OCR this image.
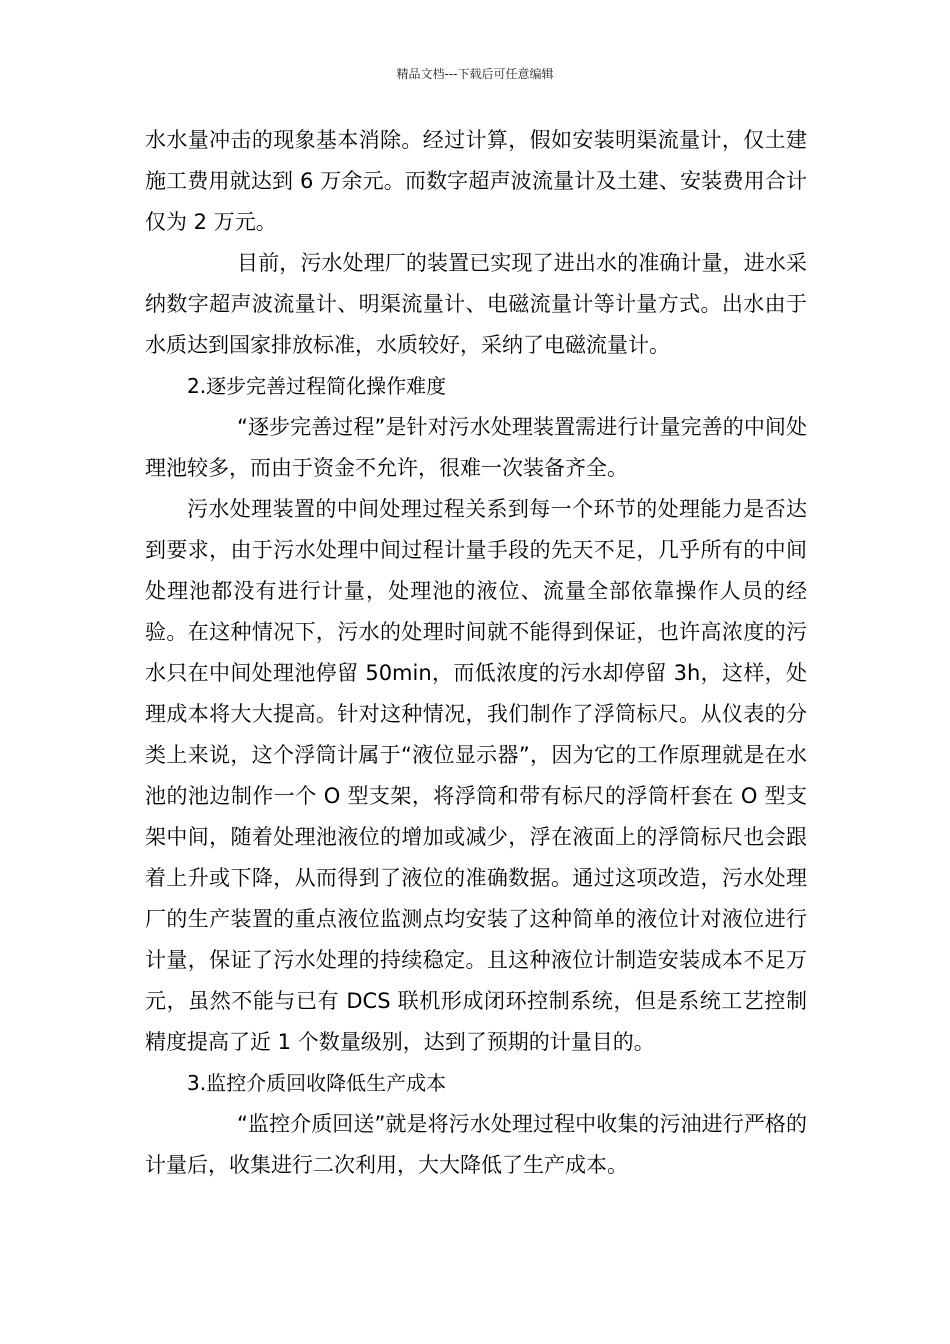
精品文档---下载后可任意编辑

水水量冲击的现象基本消除。经过计算，假如安装明渠流量计，仅土建施工费用就达到 6 万余元。而数字超声波流量计及土建、安装费用合计仅为 2 万元。

目前，污水处理厂的装置已实现了进出水的准确计量，进水采纳数字超声波流量计、明渠流量计、电磁流量计等计量方式。出水由于水质达到国家排放标准，水质较好，采纳了电磁流量计。

2.逐步完善过程简化操作难度

“逐步完善过程”是针对污水处理装置需进行计量完善的中间处理池较多，而由于资金不允许，很难一次装备齐全。

污水处理装置的中间处理过程关系到每一个环节的处理能力是否达到要求，由于污水处理中间过程计量手段的先天不足，几乎所有的中间处理池都没有进行计量，处理池的液位、流量全部依靠操作人员的经验。在这种情况下，污水的处理时间就不能得到保证，也许高浓度的污水只在中间处理池停留 50min，而低浓度的污水却停留 3h，这样，处理成本将大大提高。针对这种情况，我们制作了浮筒标尺。从仪表的分类上来说，这个浮筒计属于“液位显示器”，因为它的工作原理就是在水池的池边制作一个 O 型支架，将浮筒和带有标尺的浮筒杆套在 O 型支架中间，随着处理池液位的增加或减少，浮在液面上的浮筒标尺也会跟着上升或下降，从而得到了液位的准确数据。通过这项改造，污水处理厂的生产装置的重点液位监测点均安装了这种简单的液位计对液位进行计量，保证了污水处理的持续稳定。且这种液位计制造安装成本不足万元，虽然不能与已有 DCS 联机形成闭环控制系统，但是系统工艺控制精度提高了近 1 个数量级别，达到了预期的计量目的。

3.监控介质回收降低生产成本

“监控介质回送”就是将污水处理过程中收集的污油进行严格的计量后，收集进行二次利用，大大降低了生产成本。
